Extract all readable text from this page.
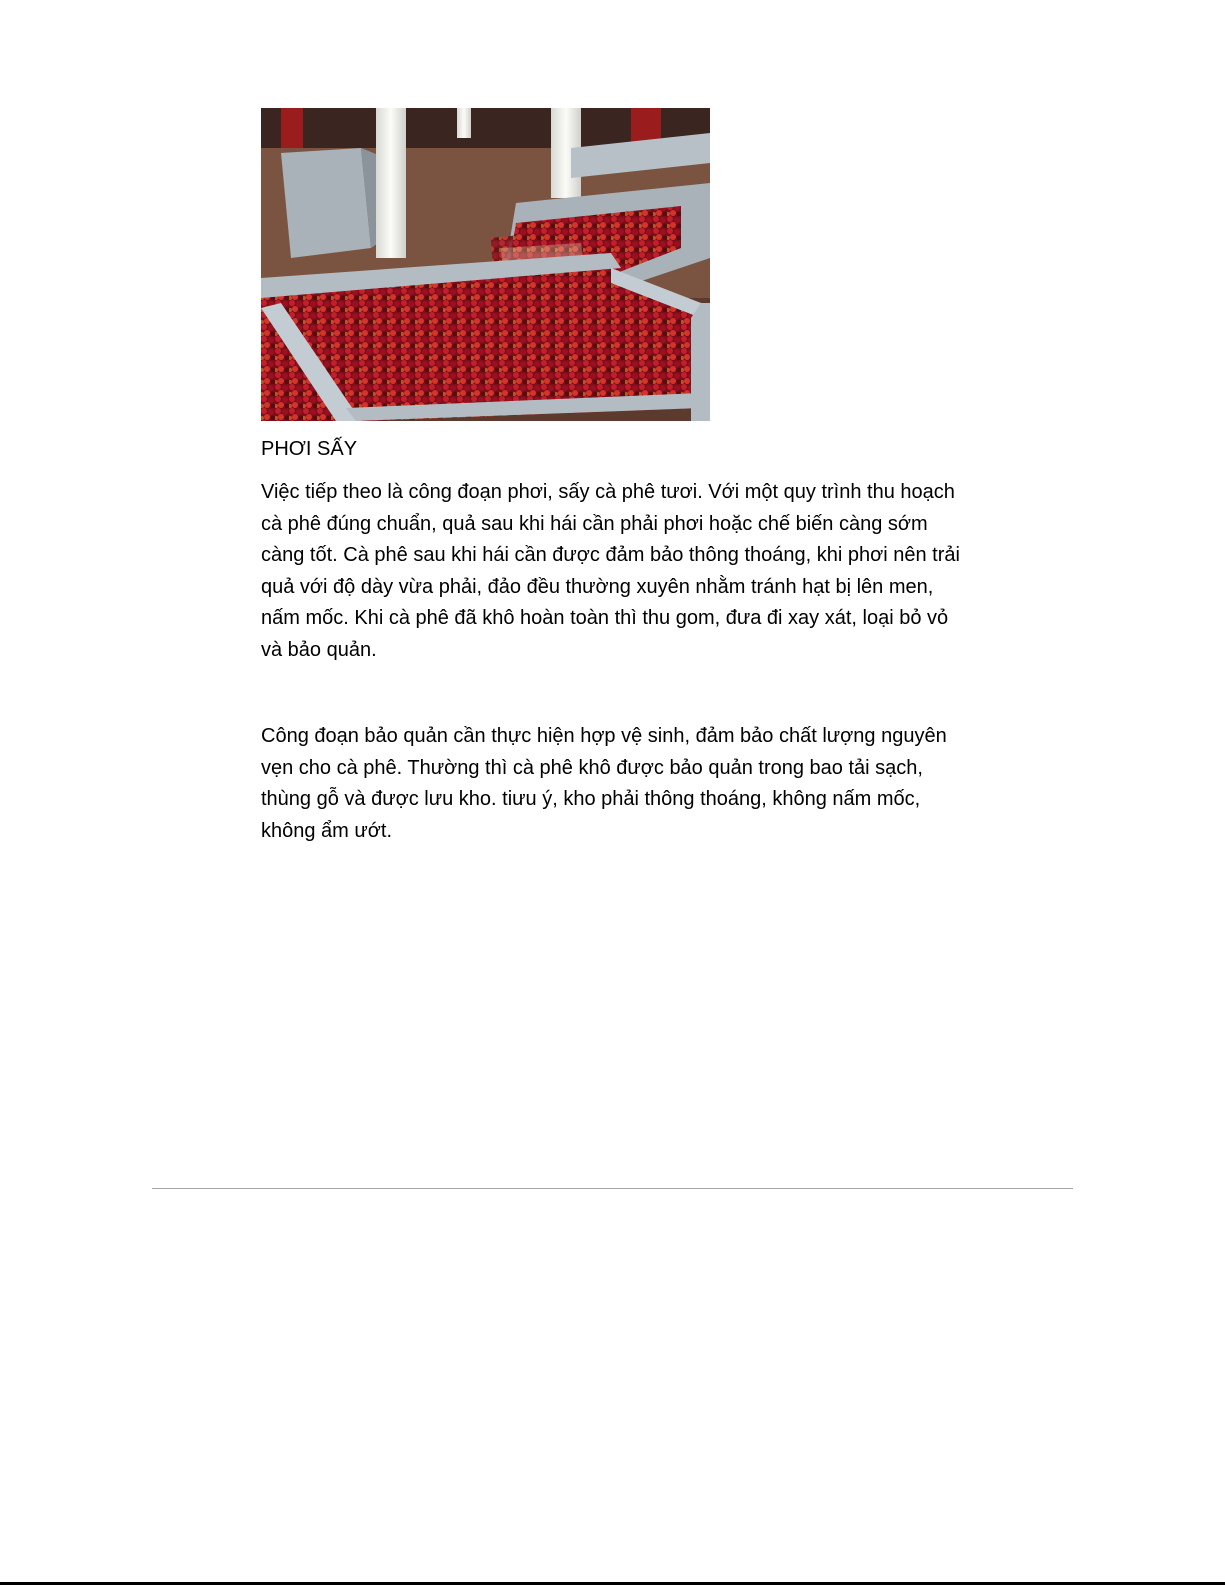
PHƠI SẤY

Việc tiếp theo là công đoạn phơi, sấy cà phê tươi. Với một quy trình thu hoạch cà phê đúng chuẩn, quả sau khi hái cần phải phơi hoặc chế biến càng sớm càng tốt. Cà phê sau khi hái cần được đảm bảo thông thoáng, khi phơi nên trải quả với độ dày vừa phải, đảo đều thường xuyên nhằm tránh hạt bị lên men, nấm mốc. Khi cà phê đã khô hoàn toàn thì thu gom, đưa đi xay xát, loại bỏ vỏ và bảo quản.

Công đoạn bảo quản cần thực hiện hợp vệ sinh, đảm bảo chất lượng nguyên vẹn cho cà phê. Thường thì cà phê khô được bảo quản trong bao tải sạch, thùng gỗ và được lưu kho. tiưu ý, kho phải thông thoáng, không nấm mốc, không ẩm ướt.
